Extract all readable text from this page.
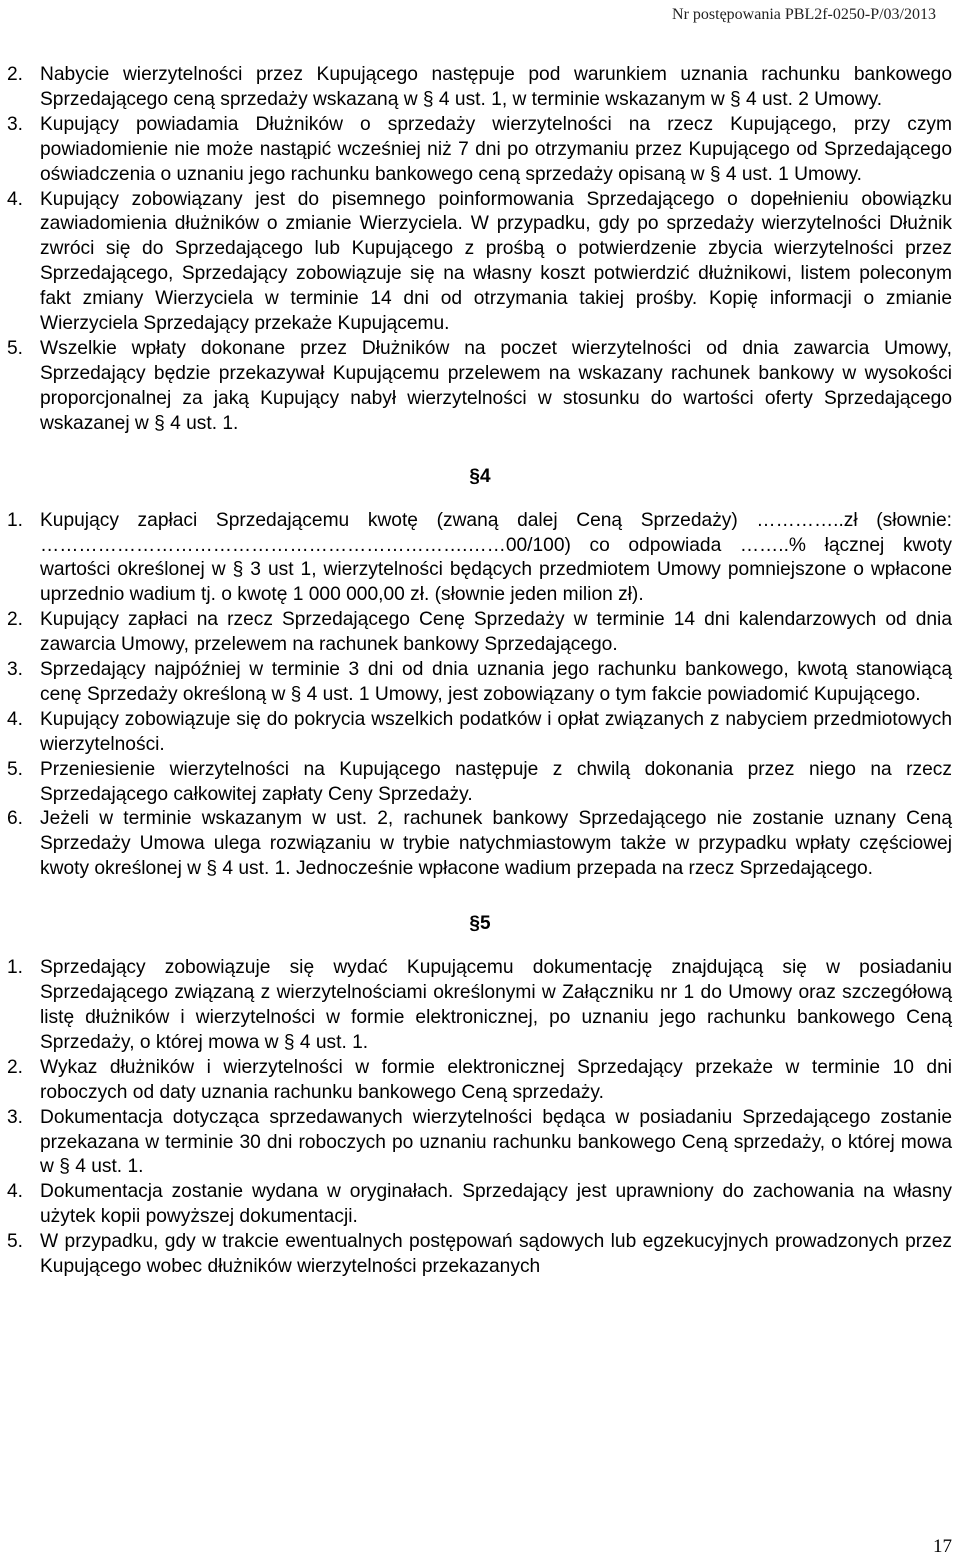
Nr postępowania PBL2f-0250-P/03/2013

2. Nabycie wierzytelności przez Kupującego następuje pod warunkiem uznania rachunku bankowego Sprzedającego ceną sprzedaży wskazaną w § 4 ust. 1, w terminie wskazanym w § 4 ust. 2 Umowy.

3. Kupujący powiadamia Dłużników o sprzedaży wierzytelności na rzecz Kupującego, przy czym powiadomienie nie może nastąpić wcześniej niż 7 dni po otrzymaniu przez Kupującego od Sprzedającego oświadczenia o uznaniu jego rachunku bankowego ceną sprzedaży opisaną w § 4 ust. 1 Umowy.

4. Kupujący zobowiązany jest do pisemnego poinformowania Sprzedającego o dopełnieniu obowiązku zawiadomienia dłużników o zmianie Wierzyciela. W przypadku, gdy po sprzedaży wierzytelności Dłużnik zwróci się do Sprzedającego lub Kupującego z prośbą o potwierdzenie zbycia wierzytelności przez Sprzedającego, Sprzedający zobowiązuje się na własny koszt potwierdzić dłużnikowi, listem poleconym fakt zmiany Wierzyciela w terminie 14 dni od otrzymania takiej prośby. Kopię informacji o zmianie Wierzyciela Sprzedający przekaże Kupującemu.

5. Wszelkie wpłaty dokonane przez Dłużników na poczet wierzytelności od dnia zawarcia Umowy, Sprzedający będzie przekazywał Kupującemu przelewem na wskazany rachunek bankowy w wysokości proporcjonalnej za jaką Kupujący nabył wierzytelności w stosunku do wartości oferty Sprzedającego wskazanej w § 4 ust. 1.

§4

1. Kupujący zapłaci Sprzedającemu kwotę (zwaną dalej Ceną Sprzedaży) …………..zł (słownie: ………………………………………………………….……00/100) co odpowiada ……..% łącznej kwoty wartości określonej w § 3 ust 1, wierzytelności będących przedmiotem Umowy pomniejszone o wpłacone uprzednio wadium tj. o kwotę 1 000 000,00 zł. (słownie jeden milion zł).

2. Kupujący zapłaci na rzecz Sprzedającego Cenę Sprzedaży w terminie 14 dni kalendarzowych od dnia zawarcia Umowy, przelewem na rachunek bankowy Sprzedającego.

3. Sprzedający najpóźniej w terminie 3 dni od dnia uznania jego rachunku bankowego, kwotą stanowiącą cenę Sprzedaży określoną w § 4 ust. 1 Umowy, jest zobowiązany o tym fakcie powiadomić Kupującego.

4. Kupujący zobowiązuje się do pokrycia wszelkich podatków i opłat związanych z nabyciem przedmiotowych wierzytelności.

5. Przeniesienie wierzytelności na Kupującego następuje z chwilą dokonania przez niego na rzecz Sprzedającego całkowitej zapłaty Ceny Sprzedaży.

6. Jeżeli w terminie wskazanym w ust. 2, rachunek bankowy Sprzedającego nie zostanie uznany Ceną Sprzedaży Umowa ulega rozwiązaniu w trybie natychmiastowym także w przypadku wpłaty częściowej kwoty określonej w § 4 ust. 1. Jednocześnie wpłacone wadium przepada na rzecz Sprzedającego.

§5

1. Sprzedający zobowiązuje się wydać Kupującemu dokumentację znajdującą się w posiadaniu Sprzedającego związaną z wierzytelnościami określonymi w Załączniku nr 1 do Umowy oraz szczegółową listę dłużników i wierzytelności w formie elektronicznej, po uznaniu jego rachunku bankowego Ceną Sprzedaży, o której mowa w § 4 ust. 1.

2. Wykaz dłużników i wierzytelności w formie elektronicznej Sprzedający przekaże w terminie 10 dni roboczych od daty uznania rachunku bankowego Ceną sprzedaży.

3. Dokumentacja dotycząca sprzedawanych wierzytelności będąca w posiadaniu Sprzedającego zostanie przekazana w terminie 30 dni roboczych po uznaniu rachunku bankowego Ceną sprzedaży, o której mowa w § 4 ust. 1.

4. Dokumentacja zostanie wydana w oryginałach. Sprzedający jest uprawniony do zachowania na własny użytek kopii powyższej dokumentacji.

5. W przypadku, gdy w trakcie ewentualnych postępowań sądowych lub egzekucyjnych prowadzonych przez Kupującego wobec dłużników wierzytelności przekazanych

17
